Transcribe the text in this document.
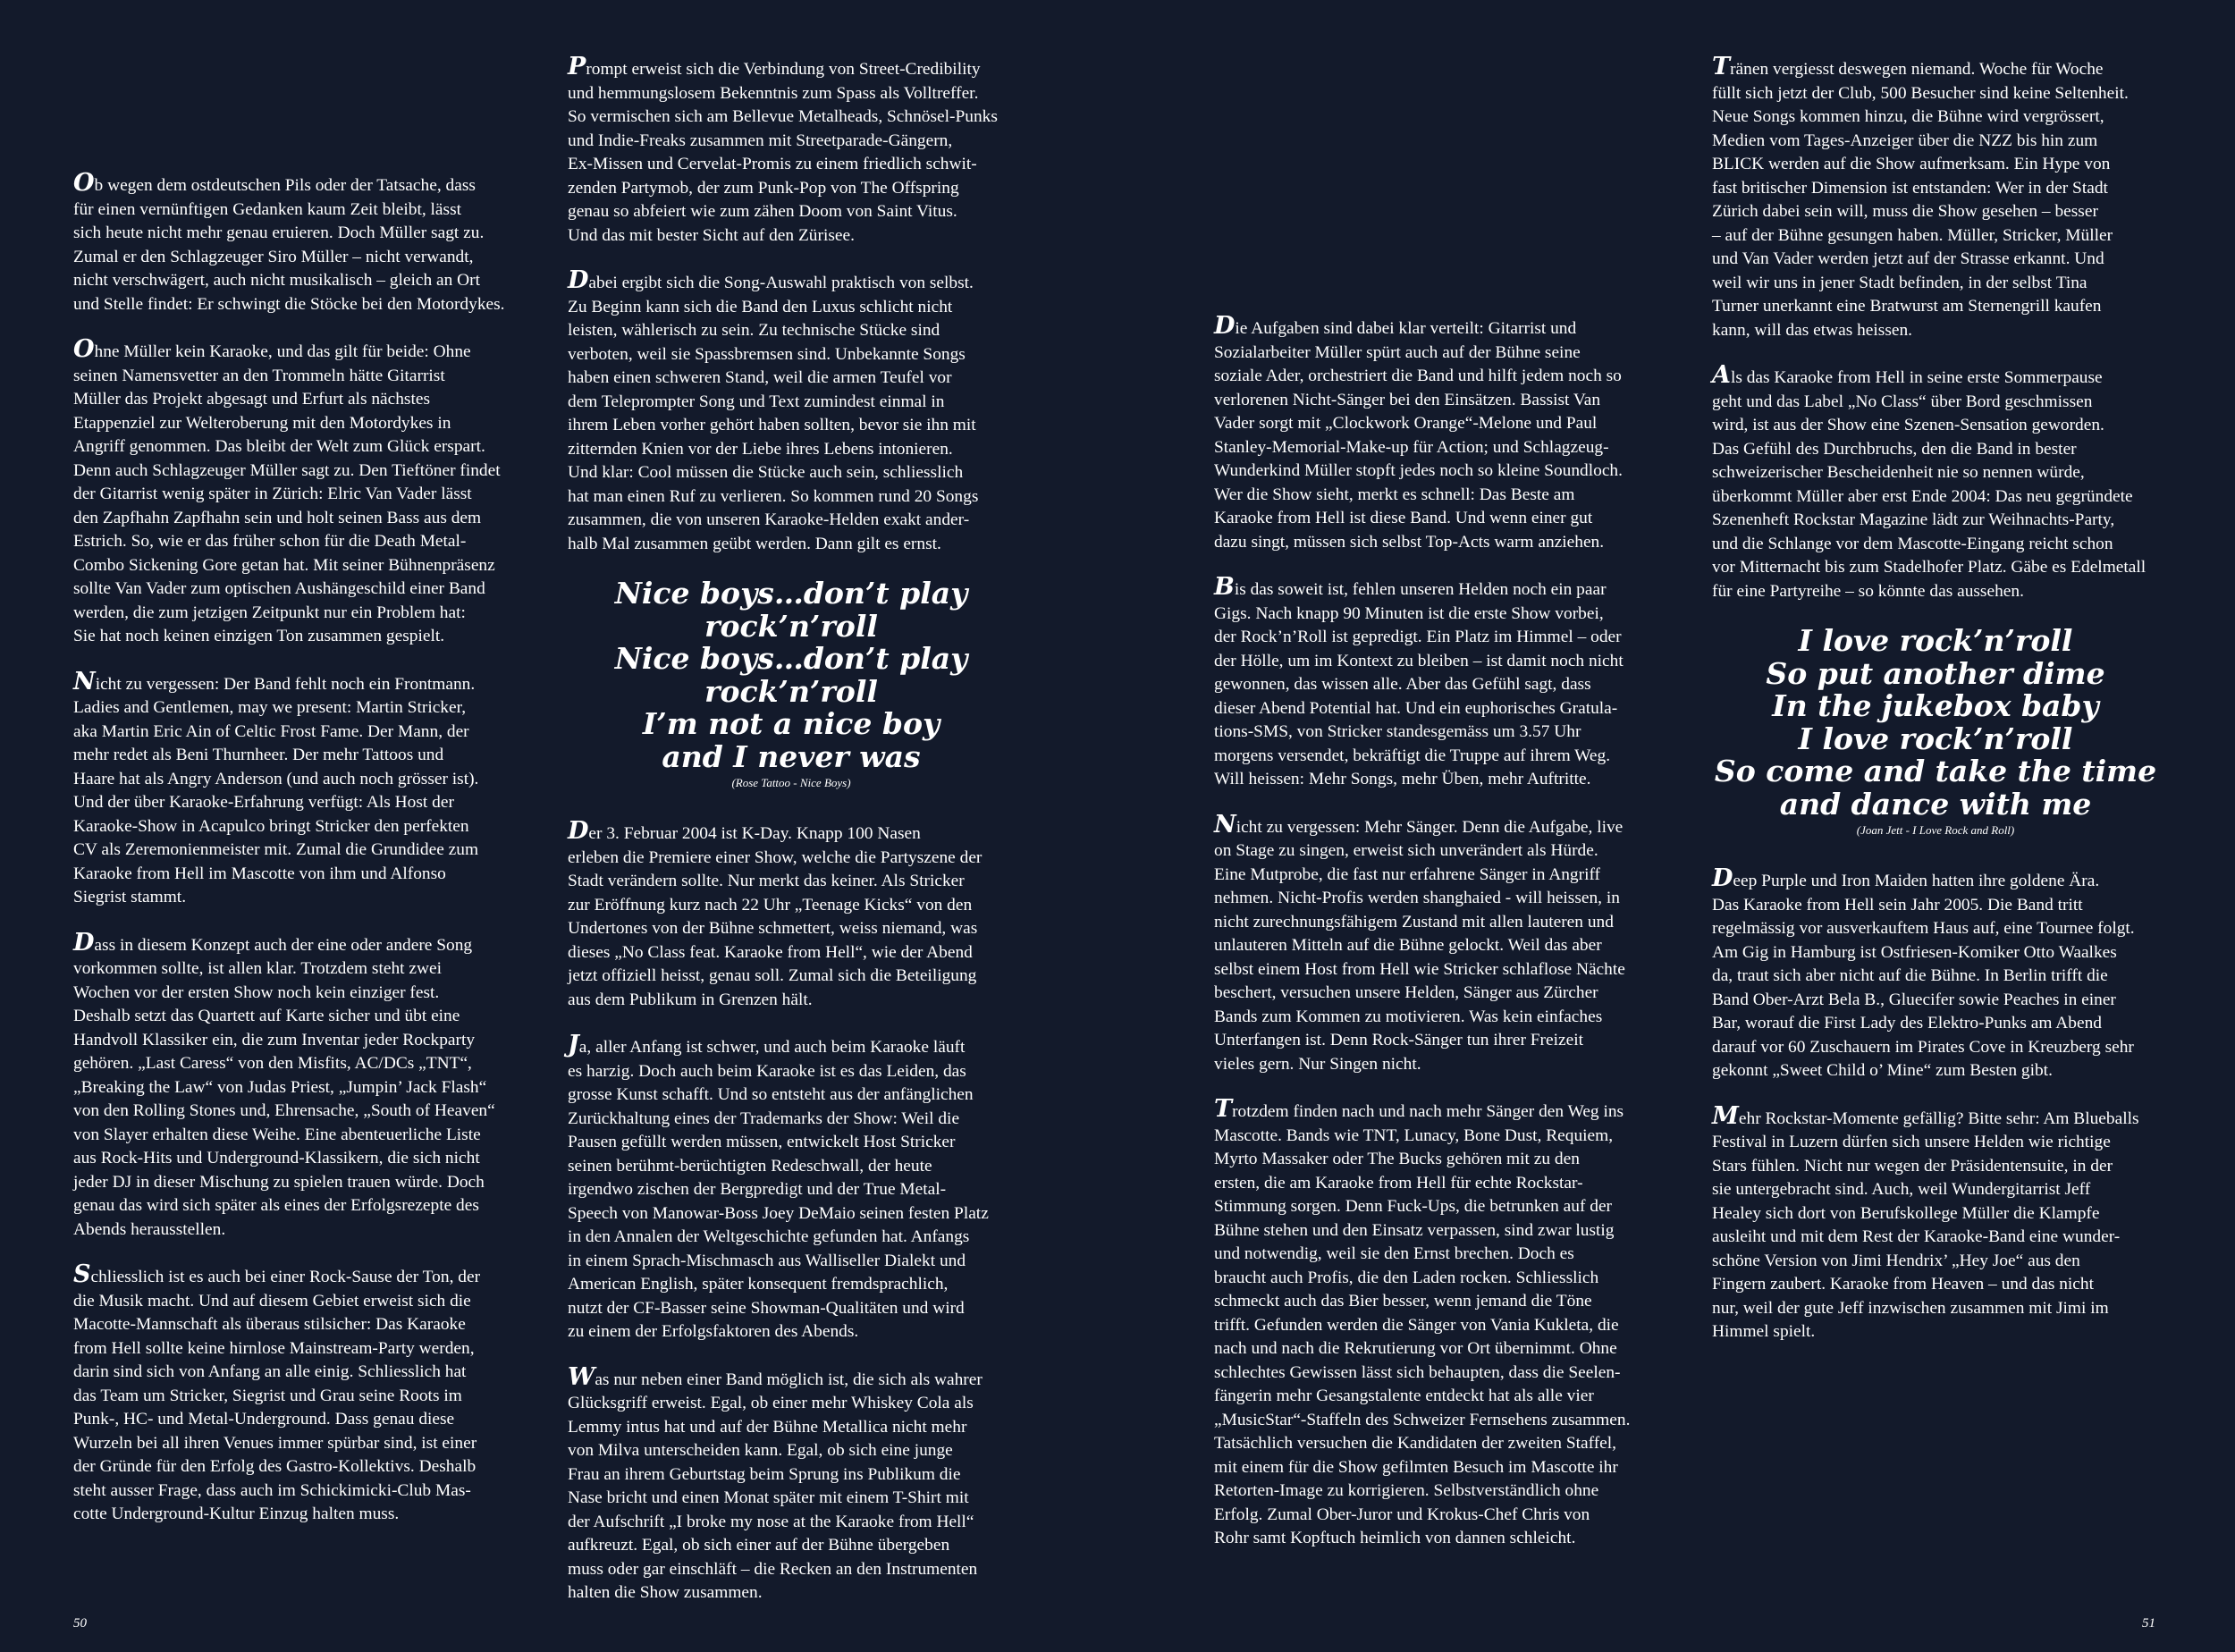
Ob wegen dem ostdeutschen Pils oder der Tatsache, dass
für einen vernünftigen Gedanken kaum Zeit bleibt, lässt
sich heute nicht mehr genau eruieren. Doch Müller sagt zu.
Zumal er den Schlagzeuger Siro Müller – nicht verwandt,
nicht verschwägert, auch nicht musikalisch – gleich an Ort
und Stelle findet: Er schwingt die Stöcke bei den Motordykes.

Ohne Müller kein Karaoke, und das gilt für beide: Ohne
seinen Namensvetter an den Trommeln hätte Gitarrist
Müller das Projekt abgesagt und Erfurt als nächstes
Etappenziel zur Welteroberung mit den Motordykes in
Angriff genommen. Das bleibt der Welt zum Glück erspart.
Denn auch Schlagzeuger Müller sagt zu. Den Tieftöner findet
der Gitarrist wenig später in Zürich: Elric Van Vader lässt
den Zapfhahn Zapfhahn sein und holt seinen Bass aus dem
Estrich. So, wie er das früher schon für die Death Metal-
Combo Sickening Gore getan hat. Mit seiner Bühnenpräsenz
sollte Van Vader zum optischen Aushängeschild einer Band
werden, die zum jetzigen Zeitpunkt nur ein Problem hat:
Sie hat noch keinen einzigen Ton zusammen gespielt.

Nicht zu vergessen: Der Band fehlt noch ein Frontmann.
Ladies and Gentlemen, may we present: Martin Stricker,
aka Martin Eric Ain of Celtic Frost Fame. Der Mann, der
mehr redet als Beni Thurnheer. Der mehr Tattoos und
Haare hat als Angry Anderson (und auch noch grösser ist).
Und der über Karaoke-Erfahrung verfügt: Als Host der
Karaoke-Show in Acapulco bringt Stricker den perfekten
CV als Zeremonienmeister mit. Zumal die Grundidee zum
Karaoke from Hell im Mascotte von ihm und Alfonso
Siegrist stammt.

Dass in diesem Konzept auch der eine oder andere Song
vorkommen sollte, ist allen klar. Trotzdem steht zwei
Wochen vor der ersten Show noch kein einziger fest.
Deshalb setzt das Quartett auf Karte sicher und übt eine
Handvoll Klassiker ein, die zum Inventar jeder Rockparty
gehören. „Last Caress“ von den Misfits, AC/DCs „TNT“,
„Breaking the Law“ von Judas Priest, „Jumpin’ Jack Flash“
von den Rolling Stones und, Ehrensache, „South of Heaven“
von Slayer erhalten diese Weihe. Eine abenteuerliche Liste
aus Rock-Hits und Underground-Klassikern, die sich nicht
jeder DJ in dieser Mischung zu spielen trauen würde. Doch
genau das wird sich später als eines der Erfolgsrezepte des
Abends herausstellen.

Schliesslich ist es auch bei einer Rock-Sause der Ton, der
die Musik macht. Und auf diesem Gebiet erweist sich die
Macotte-Mannschaft als überaus stilsicher: Das Karaoke
from Hell sollte keine hirnlose Mainstream-Party werden,
darin sind sich von Anfang an alle einig. Schliesslich hat
das Team um Stricker, Siegrist und Grau seine Roots im
Punk-, HC- und Metal-Underground. Dass genau diese
Wurzeln bei all ihren Venues immer spürbar sind, ist einer
der Gründe für den Erfolg des Gastro-Kollektivs. Deshalb
steht ausser Frage, dass auch im Schickimicki-Club Mas-
cotte Underground-Kultur Einzug halten muss.

Prompt erweist sich die Verbindung von Street-Credibility
und hemmungslosem Bekenntnis zum Spass als Volltreffer.
So vermischen sich am Bellevue Metalheads, Schnösel-Punks
und Indie-Freaks zusammen mit Streetparade-Gängern,
Ex-Missen und Cervelat-Promis zu einem friedlich schwit-
zenden Partymob, der zum Punk-Pop von The Offspring
genau so abfeiert wie zum zähen Doom von Saint Vitus.
Und das mit bester Sicht auf den Zürisee.

Dabei ergibt sich die Song-Auswahl praktisch von selbst.
Zu Beginn kann sich die Band den Luxus schlicht nicht
leisten, wählerisch zu sein. Zu technische Stücke sind
verboten, weil sie Spassbremsen sind. Unbekannte Songs
haben einen schweren Stand, weil die armen Teufel vor
dem Teleprompter Song und Text zumindest einmal in
ihrem Leben vorher gehört haben sollten, bevor sie ihn mit
zitternden Knien vor der Liebe ihres Lebens intonieren.
Und klar: Cool müssen die Stücke auch sein, schliesslich
hat man einen Ruf zu verlieren. So kommen rund 20 Songs
zusammen, die von unseren Karaoke-Helden exakt ander-
halb Mal zusammen geübt werden. Dann gilt es ernst.

Nice boys…don’t play
rock’n’roll
Nice boys…don’t play
rock’n’roll
I’m not a nice boy
and I never was
(Rose Tattoo - Nice Boys)

Der 3. Februar 2004 ist K-Day. Knapp 100 Nasen
erleben die Premiere einer Show, welche die Partyszene der
Stadt verändern sollte. Nur merkt das keiner. Als Stricker
zur Eröffnung kurz nach 22 Uhr „Teenage Kicks“ von den
Undertones von der Bühne schmettert, weiss niemand, was
dieses „No Class feat. Karaoke from Hell“, wie der Abend
jetzt offiziell heisst, genau soll. Zumal sich die Beteiligung
aus dem Publikum in Grenzen hält.

Ja, aller Anfang ist schwer, und auch beim Karaoke läuft
es harzig. Doch auch beim Karaoke ist es das Leiden, das
grosse Kunst schafft. Und so entsteht aus der anfänglichen
Zurückhaltung eines der Trademarks der Show: Weil die
Pausen gefüllt werden müssen, entwickelt Host Stricker
seinen berühmt-berüchtigten Redeschwall, der heute
irgendwo zischen der Bergpredigt und der True Metal-
Speech von Manowar-Boss Joey DeMaio seinen festen Platz
in den Annalen der Weltgeschichte gefunden hat. Anfangs
in einem Sprach-Mischmasch aus Walliseller Dialekt und
American English, später konsequent fremdsprachlich,
nutzt der CF-Basser seine Showman-Qualitäten und wird
zu einem der Erfolgsfaktoren des Abends.

Was nur neben einer Band möglich ist, die sich als wahrer
Glücksgriff erweist. Egal, ob einer mehr Whiskey Cola als
Lemmy intus hat und auf der Bühne Metallica nicht mehr
von Milva unterscheiden kann. Egal, ob sich eine junge
Frau an ihrem Geburtstag beim Sprung ins Publikum die
Nase bricht und einen Monat später mit einem T-Shirt mit
der Aufschrift „I broke my nose at the Karaoke from Hell“
aufkreuzt. Egal, ob sich einer auf der Bühne übergeben
muss oder gar einschläft – die Recken an den Instrumenten
halten die Show zusammen.

Die Aufgaben sind dabei klar verteilt: Gitarrist und
Sozialarbeiter Müller spürt auch auf der Bühne seine
soziale Ader, orchestriert die Band und hilft jedem noch so
verlorenen Nicht-Sänger bei den Einsätzen. Bassist Van
Vader sorgt mit „Clockwork Orange“-Melone und Paul
Stanley-Memorial-Make-up für Action; und Schlagzeug-
Wunderkind Müller stopft jedes noch so kleine Soundloch.
Wer die Show sieht, merkt es schnell: Das Beste am
Karaoke from Hell ist diese Band. Und wenn einer gut
dazu singt, müssen sich selbst Top-Acts warm anziehen.

Bis das soweit ist, fehlen unseren Helden noch ein paar
Gigs. Nach knapp 90 Minuten ist die erste Show vorbei,
der Rock’n’Roll ist gepredigt. Ein Platz im Himmel – oder
der Hölle, um im Kontext zu bleiben – ist damit noch nicht
gewonnen, das wissen alle. Aber das Gefühl sagt, dass
dieser Abend Potential hat. Und ein euphorisches Gratula-
tions-SMS, von Stricker standesgemäss um 3.57 Uhr
morgens versendet, bekräftigt die Truppe auf ihrem Weg.
Will heissen: Mehr Songs, mehr Üben, mehr Auftritte.

Nicht zu vergessen: Mehr Sänger. Denn die Aufgabe, live
on Stage zu singen, erweist sich unverändert als Hürde.
Eine Mutprobe, die fast nur erfahrene Sänger in Angriff
nehmen. Nicht-Profis werden shanghaied - will heissen, in
nicht zurechnungsfähigem Zustand mit allen lauteren und
unlauteren Mitteln auf die Bühne gelockt. Weil das aber
selbst einem Host from Hell wie Stricker schlaflose Nächte
beschert, versuchen unsere Helden, Sänger aus Zürcher
Bands zum Kommen zu motivieren. Was kein einfaches
Unterfangen ist. Denn Rock-Sänger tun ihrer Freizeit
vieles gern. Nur Singen nicht.

Trotzdem finden nach und nach mehr Sänger den Weg ins
Mascotte. Bands wie TNT, Lunacy, Bone Dust, Requiem,
Myrto Massaker oder The Bucks gehören mit zu den
ersten, die am Karaoke from Hell für echte Rockstar-
Stimmung sorgen. Denn Fuck-Ups, die betrunken auf der
Bühne stehen und den Einsatz verpassen, sind zwar lustig
und notwendig, weil sie den Ernst brechen. Doch es
braucht auch Profis, die den Laden rocken. Schliesslich
schmeckt auch das Bier besser, wenn jemand die Töne
trifft. Gefunden werden die Sänger von Vania Kukleta, die
nach und nach die Rekrutierung vor Ort übernimmt. Ohne
schlechtes Gewissen lässt sich behaupten, dass die Seelen-
fängerin mehr Gesangstalente entdeckt hat als alle vier
„MusicStar“-Staffeln des Schweizer Fernsehens zusammen.
Tatsächlich versuchen die Kandidaten der zweiten Staffel,
mit einem für die Show gefilmten Besuch im Mascotte ihr
Retorten-Image zu korrigieren. Selbstverständlich ohne
Erfolg. Zumal Ober-Juror und Krokus-Chef Chris von
Rohr samt Kopftuch heimlich von dannen schleicht.

Tränen vergiesst deswegen niemand. Woche für Woche
füllt sich jetzt der Club, 500 Besucher sind keine Seltenheit.
Neue Songs kommen hinzu, die Bühne wird vergrössert,
Medien vom Tages-Anzeiger über die NZZ bis hin zum
BLICK werden auf die Show aufmerksam. Ein Hype von
fast britischer Dimension ist entstanden: Wer in der Stadt
Zürich dabei sein will, muss die Show gesehen – besser
– auf der Bühne gesungen haben. Müller, Stricker, Müller
und Van Vader werden jetzt auf der Strasse erkannt. Und
weil wir uns in jener Stadt befinden, in der selbst Tina
Turner unerkannt eine Bratwurst am Sternengrill kaufen
kann, will das etwas heissen.

Als das Karaoke from Hell in seine erste Sommerpause
geht und das Label „No Class“ über Bord geschmissen
wird, ist aus der Show eine Szenen-Sensation geworden.
Das Gefühl des Durchbruchs, den die Band in bester
schweizerischer Bescheidenheit nie so nennen würde,
überkommt Müller aber erst Ende 2004: Das neu gegründete
Szenenheft Rockstar Magazine lädt zur Weihnachts-Party,
und die Schlange vor dem Mascotte-Eingang reicht schon
vor Mitternacht bis zum Stadelhofer Platz. Gäbe es Edelmetall
für eine Partyreihe – so könnte das aussehen.

I love rock’n’roll
So put another dime
In the jukebox baby
I love rock’n’roll
So come and take the time
and dance with me
(Joan Jett - I Love Rock and Roll)

Deep Purple und Iron Maiden hatten ihre goldene Ära.
Das Karaoke from Hell sein Jahr 2005. Die Band tritt
regelmässig vor ausverkauftem Haus auf, eine Tournee folgt.
Am Gig in Hamburg ist Ostfriesen-Komiker Otto Waalkes
da, traut sich aber nicht auf die Bühne. In Berlin trifft die
Band Ober-Arzt Bela B., Gluecifer sowie Peaches in einer
Bar, worauf die First Lady des Elektro-Punks am Abend
darauf vor 60 Zuschauern im Pirates Cove in Kreuzberg sehr
gekonnt „Sweet Child o’ Mine“ zum Besten gibt.

Mehr Rockstar-Momente gefällig? Bitte sehr: Am Blueballs
Festival in Luzern dürfen sich unsere Helden wie richtige
Stars fühlen. Nicht nur wegen der Präsidentensuite, in der
sie untergebracht sind. Auch, weil Wundergitarrist Jeff
Healey sich dort von Berufskollege Müller die Klampfe
ausleiht und mit dem Rest der Karaoke-Band eine wunder-
schöne Version von Jimi Hendrix’ „Hey Joe“ aus den
Fingern zaubert. Karaoke from Heaven – und das nicht
nur, weil der gute Jeff inzwischen zusammen mit Jimi im
Himmel spielt.

50	51
